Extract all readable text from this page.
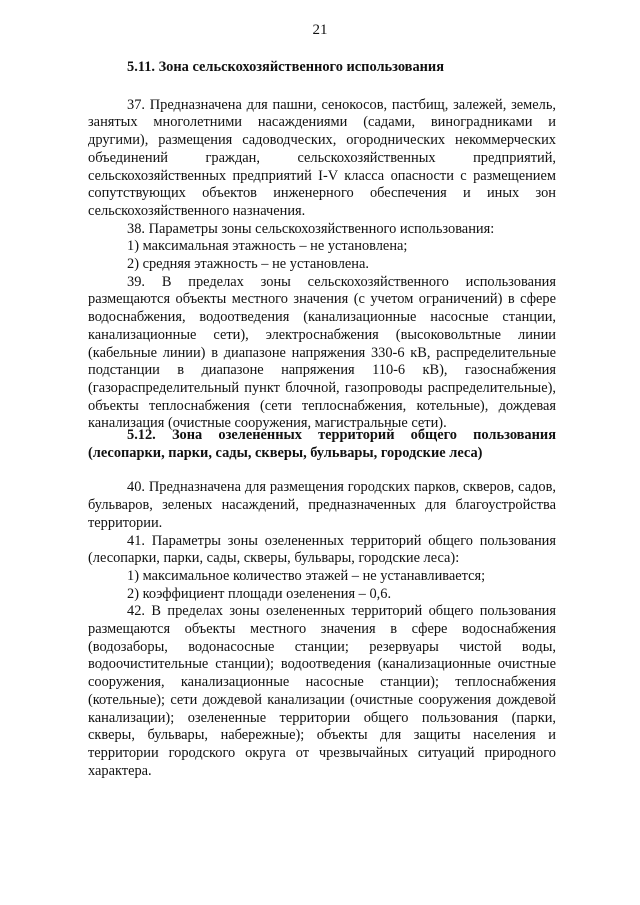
21

5.11. Зона сельскохозяйственного использования

37. Предназначена для пашни, сенокосов, пастбищ, залежей, земель, занятых многолетними насаждениями (садами, виноградниками и другими), размещения садоводческих, огороднических некоммерческих объединений граждан, сельскохозяйственных предприятий, сельскохозяйственных предприятий I-V класса опасности с размещением сопутствующих объектов инженерного обеспечения и иных зон сельскохозяйственного назначения.

38. Параметры зоны сельскохозяйственного использования:

1) максимальная этажность – не установлена;

2) средняя этажность – не установлена.

39. В пределах зоны сельскохозяйственного использования размещаются объекты местного значения (с учетом ограничений) в сфере водоснабжения, водоотведения (канализационные насосные станции, канализационные сети), электроснабжения (высоковольтные линии (кабельные линии) в диапазоне напряжения 330-6 кВ, распределительные подстанции в диапазоне напряжения 110-6 кВ), газоснабжения (газораспределительный пункт блочной, газопроводы распределительные), объекты теплоснабжения (сети теплоснабжения, котельные), дождевая канализация (очистные сооружения, магистральные сети).

5.12. Зона озелененных территорий общего пользования
(лесопарки, парки, сады, скверы, бульвары, городские леса)

40. Предназначена для размещения городских парков, скверов, садов, бульваров, зеленых насаждений, предназначенных для благоустройства территории.

41. Параметры зоны озелененных территорий общего пользования (лесопарки, парки, сады, скверы, бульвары, городские леса):

1) максимальное количество этажей – не устанавливается;

2) коэффициент площади озеленения – 0,6.

42. В пределах зоны озелененных территорий общего пользования размещаются объекты местного значения в сфере водоснабжения (водозаборы, водонасосные станции; резервуары чистой воды, водоочистительные станции); водоотведения (канализационные очистные сооружения, канализационные насосные станции); теплоснабжения (котельные); сети дождевой канализации (очистные сооружения дождевой канализации); озелененные территории общего пользования (парки, скверы, бульвары, набережные); объекты для защиты населения и территории городского округа от чрезвычайных ситуаций природного характера.
